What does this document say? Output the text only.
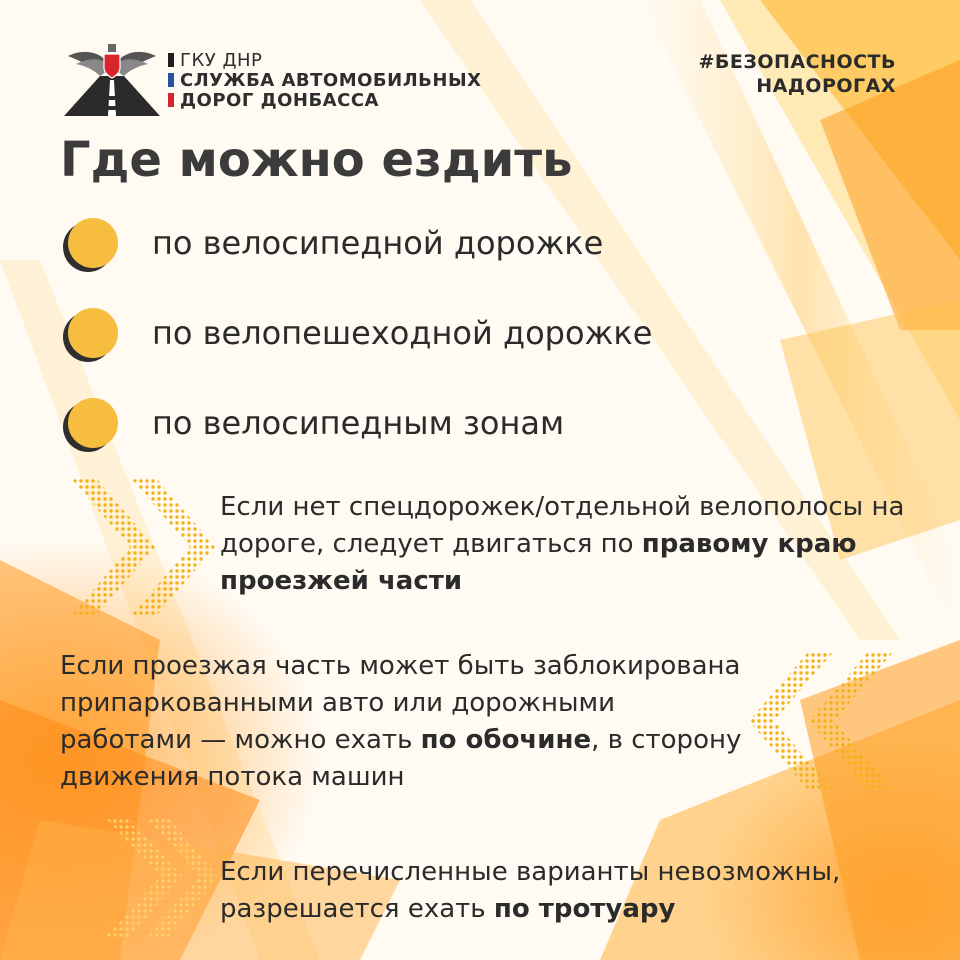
ГКУ ДНР
СЛУЖБА АВТОМОБИЛЬНЫХ
ДОРОГ ДОНБАССА
#БЕЗОПАСНОСТЬ
НАДОРОГАХ
Где можно ездить
по велосипедной дорожке
по велопешеходной дорожке
по велосипедным зонам

Если нет спецдорожек/отдельной велополосы на дороге, следует двигаться по правому краю проезжей части

Если проезжая часть может быть заблокирована припаркованными авто или дорожными работами — можно ехать по обочине, в сторону движения потока машин

Если перечисленные варианты невозможны, разрешается ехать по тротуару
